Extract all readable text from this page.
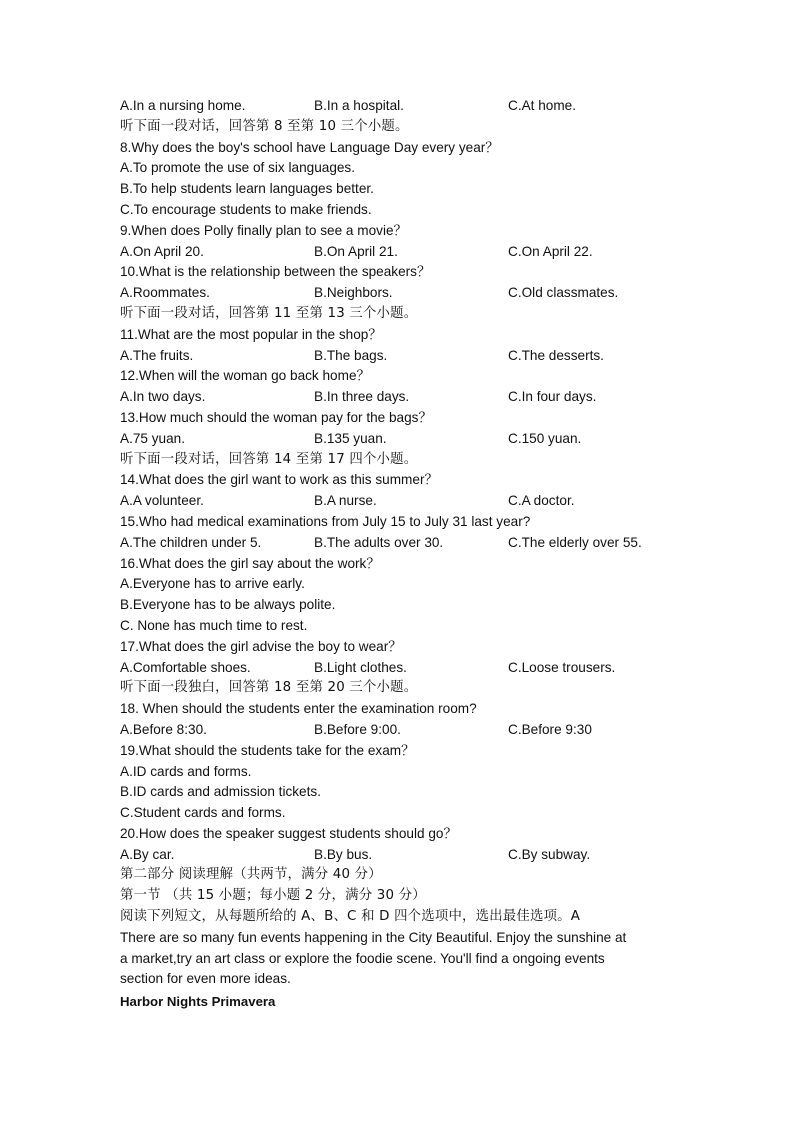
A.In a nursing home.	B.In a hospital.	C.At home.
听下面一段对话，回答第 8 至第 10 三个小题。
8.Why does the boy's school have Language Day every year？
A.To promote the use of six languages.
B.To help students learn languages better.
C.To encourage students to make friends.
9.When does Polly finally plan to see a movie？
A.On April 20.	B.On April 21.	C.On April 22.
10.What is the relationship between the speakers？
A.Roommates.	B.Neighbors.	C.Old classmates.
听下面一段对话，回答第 11 至第 13 三个小题。
11.What are the most popular in the shop？
A.The fruits.	B.The bags.	C.The desserts.
12.When will the woman go back home？
A.In two days.	B.In three days.	C.In four days.
13.How much should the woman pay for the bags？
A.75 yuan.	B.135 yuan.	C.150 yuan.
听下面一段对话，回答第 14 至第 17 四个小题。
14.What does the girl want to work as this summer？
A.A volunteer.	B.A nurse.	C.A doctor.
15.Who had medical examinations from July 15 to July 31 last year?
A.The children under 5.	B.The adults over 30.	C.The elderly over 55.
16.What does the girl say about the work？
A.Everyone has to arrive early.
B.Everyone has to be always polite.
C. None has much time to rest.
17.What does the girl advise the boy to wear？
A.Comfortable shoes.	B.Light clothes.	C.Loose trousers.
听下面一段独白，回答第 18 至第 20 三个小题。
18. When should the students enter the examination room?
A.Before 8:30.	B.Before 9:00.	C.Before 9:30
19.What should the students take for the exam？
A.ID cards and forms.
B.ID cards and admission tickets.
C.Student cards and forms.
20.How does the speaker suggest students should go？
A.By car.	B.By bus.	C.By subway.
第二部分 阅读理解（共两节，满分 40 分）
第一节 （共 15 小题；每小题 2 分，满分 30 分）
阅读下列短文，从每题所给的 A、B、C 和 D 四个选项中，选出最佳选项。A
There are so many fun events happening in the City Beautiful. Enjoy the sunshine at
a market,try an art class or explore the foodie scene. You'll find a ongoing events
section for even more ideas.
Harbor Nights Primavera
